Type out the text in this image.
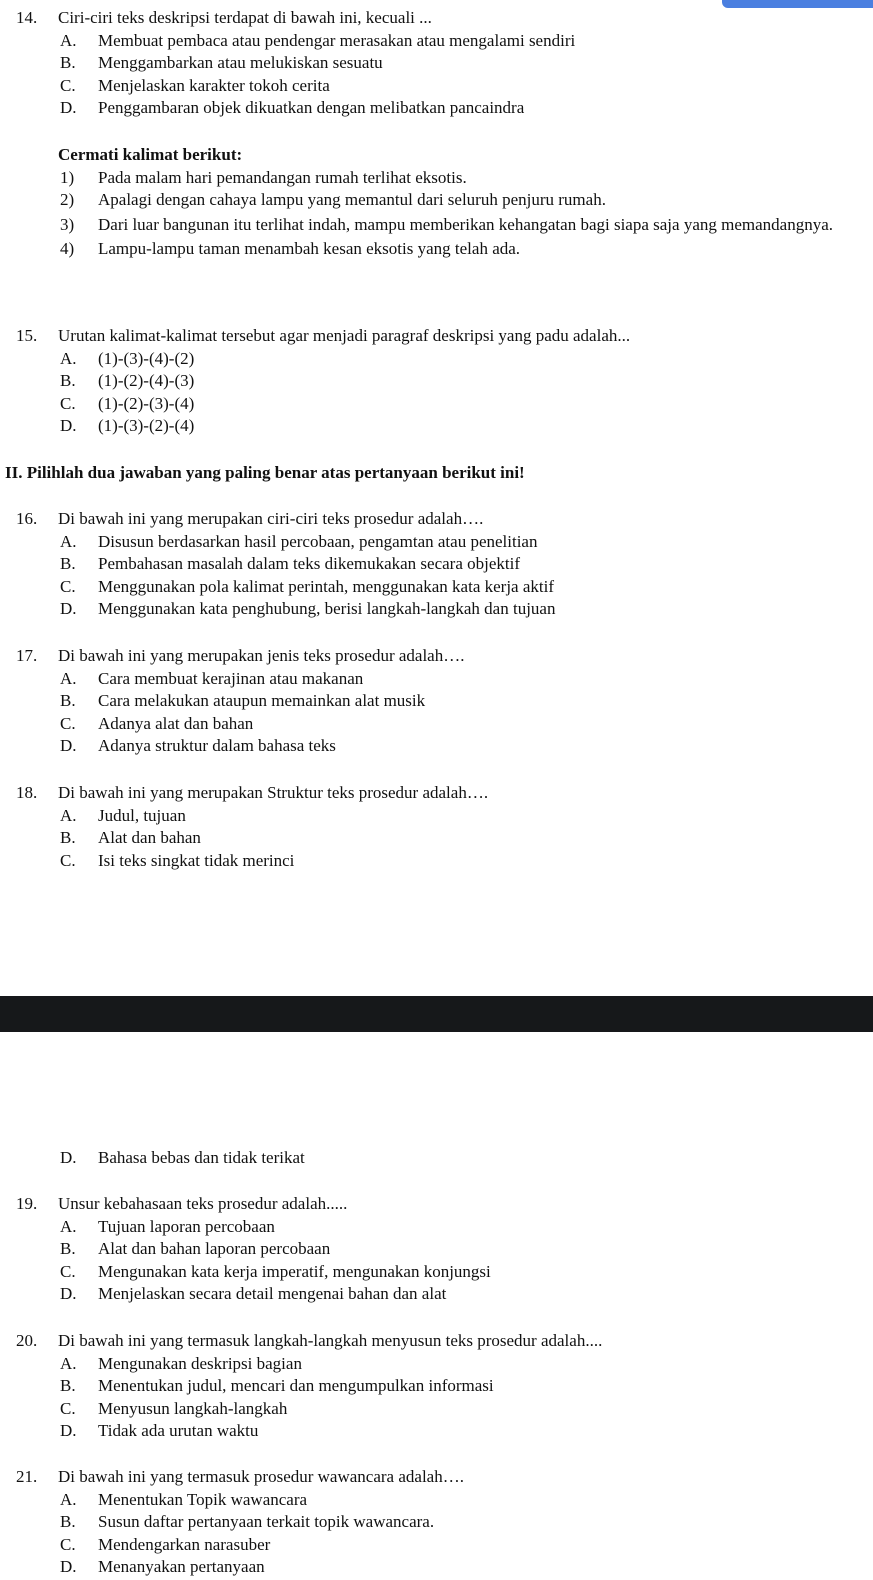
14. Ciri-ciri teks deskripsi terdapat di bawah ini, kecuali ...
A. Membuat pembaca atau pendengar merasakan atau mengalami sendiri
B. Menggambarkan atau melukiskan sesuatu
C. Menjelaskan karakter tokoh cerita
D. Penggambaran objek dikuatkan dengan melibatkan pancaindra
Cermati kalimat berikut:
1) Pada malam hari pemandangan rumah terlihat eksotis.
2) Apalagi dengan cahaya lampu yang memantul dari seluruh penjuru rumah.
3) Dari luar bangunan itu terlihat indah, mampu memberikan kehangatan bagi siapa saja yang memandangnya.
4) Lampu-lampu taman menambah kesan eksotis yang telah ada.
15. Urutan kalimat-kalimat tersebut agar menjadi paragraf deskripsi yang padu adalah...
A. (1)-(3)-(4)-(2)
B. (1)-(2)-(4)-(3)
C. (1)-(2)-(3)-(4)
D. (1)-(3)-(2)-(4)
II. Pilihlah dua jawaban yang paling benar atas pertanyaan berikut ini!
16. Di bawah ini yang merupakan ciri-ciri teks prosedur adalah….
A. Disusun berdasarkan hasil percobaan, pengamtan atau penelitian
B. Pembahasan masalah dalam teks dikemukakan secara objektif
C. Menggunakan pola kalimat perintah, menggunakan kata kerja aktif
D. Menggunakan kata penghubung, berisi langkah-langkah dan tujuan
17. Di bawah ini yang merupakan jenis teks prosedur adalah….
A. Cara membuat kerajinan atau makanan
B. Cara melakukan ataupun memainkan alat musik
C. Adanya alat dan bahan
D. Adanya struktur dalam bahasa teks
18. Di bawah ini yang merupakan Struktur teks prosedur adalah….
A. Judul, tujuan
B. Alat dan bahan
C. Isi teks singkat tidak merinci
D. Bahasa bebas dan tidak terikat
19. Unsur kebahasaan teks prosedur adalah.....
A. Tujuan laporan percobaan
B. Alat dan bahan laporan percobaan
C. Mengunakan kata kerja imperatif, mengunakan konjungsi
D. Menjelaskan secara detail mengenai bahan dan alat
20. Di bawah ini yang termasuk langkah-langkah menyusun teks prosedur adalah....
A. Mengunakan deskripsi bagian
B. Menentukan judul, mencari dan mengumpulkan informasi
C. Menyusun langkah-langkah
D. Tidak ada urutan waktu
21. Di bawah ini yang termasuk prosedur wawancara adalah….
A. Menentukan Topik wawancara
B. Susun daftar pertanyaan terkait topik wawancara.
C. Mendengarkan narasuber
D. Menanyakan pertanyaan
